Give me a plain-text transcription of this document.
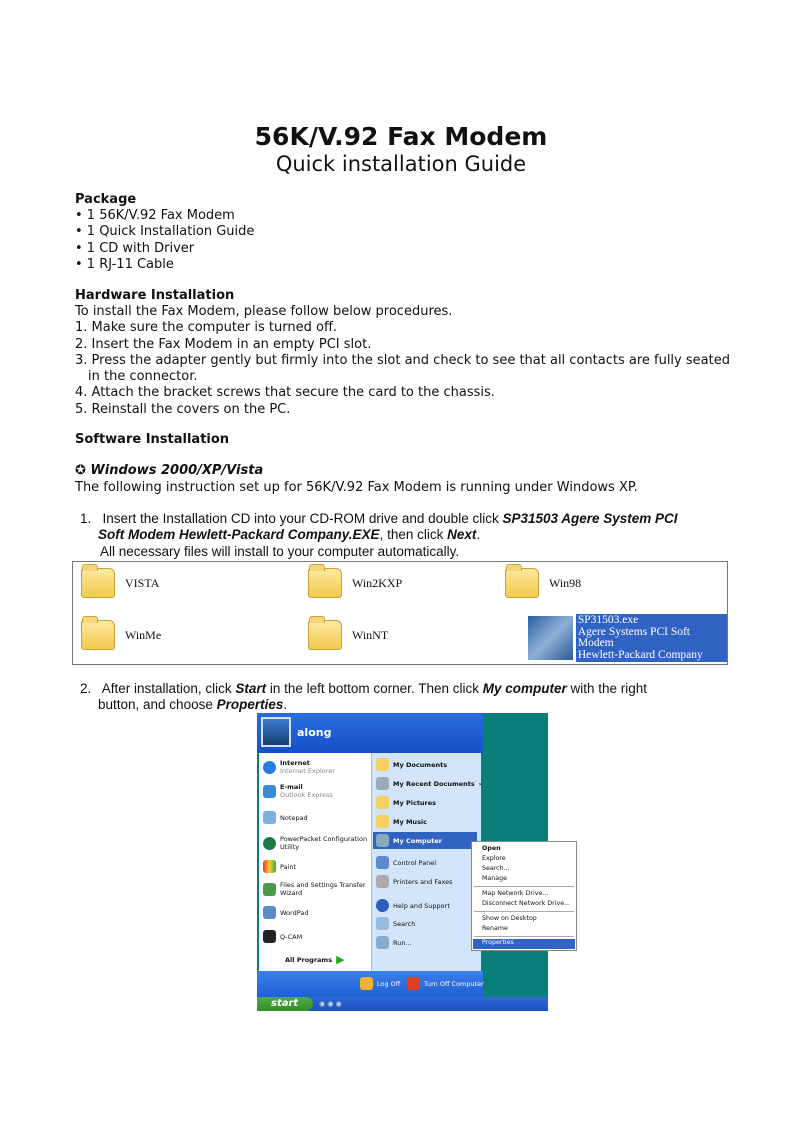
56K/V.92 Fax Modem
Quick installation Guide
Package
• 1 56K/V.92 Fax Modem
• 1 Quick Installation Guide
• 1 CD with Driver
• 1 RJ-11 Cable
Hardware Installation
To install the Fax Modem, please follow below procedures.
1. Make sure the computer is turned off.
2. Insert the Fax Modem in an empty PCI slot.
3. Press the adapter gently but firmly into the slot and check to see that all contacts are fully seated
in the connector.
4. Attach the bracket screws that secure the card to the chassis.
5. Reinstall the covers on the PC.
Software Installation
✪ Windows 2000/XP/Vista
The following instruction set up for 56K/V.92 Fax Modem is running under Windows XP.
1. Insert the Installation CD into your CD-ROM drive and double click SP31503 Agere System PCI
Soft Modem Hewlett-Packard Company.EXE, then click Next.
All necessary files will install to your computer automatically.
VISTA	Win2KXP	Win98
WinMe	WinNT
SP31503.exe
Agere Systems PCI Soft Modem
Hewlett-Packard Company
2. After installation, click Start in the left bottom corner. Then click My computer with the right
button, and choose Properties.
along
Internet
Internet Explorer
E-mail
Outlook Express
Notepad
PowerPacket Configuration
Utility
Paint
Files and Settings Transfer
Wizard
WordPad
Q-CAM
All Programs ▶
My Documents
My Recent Documents ›
My Pictures
My Music
My Computer
Control Panel
Printers and Faxes
Help and Support
Search
Run...
Log Off	Turn Off Computer
Open
Explore
Search...
Manage
Map Network Drive...
Disconnect Network Drive...
Show on Desktop
Rename
Properties
start	◉ ◉ ◉
